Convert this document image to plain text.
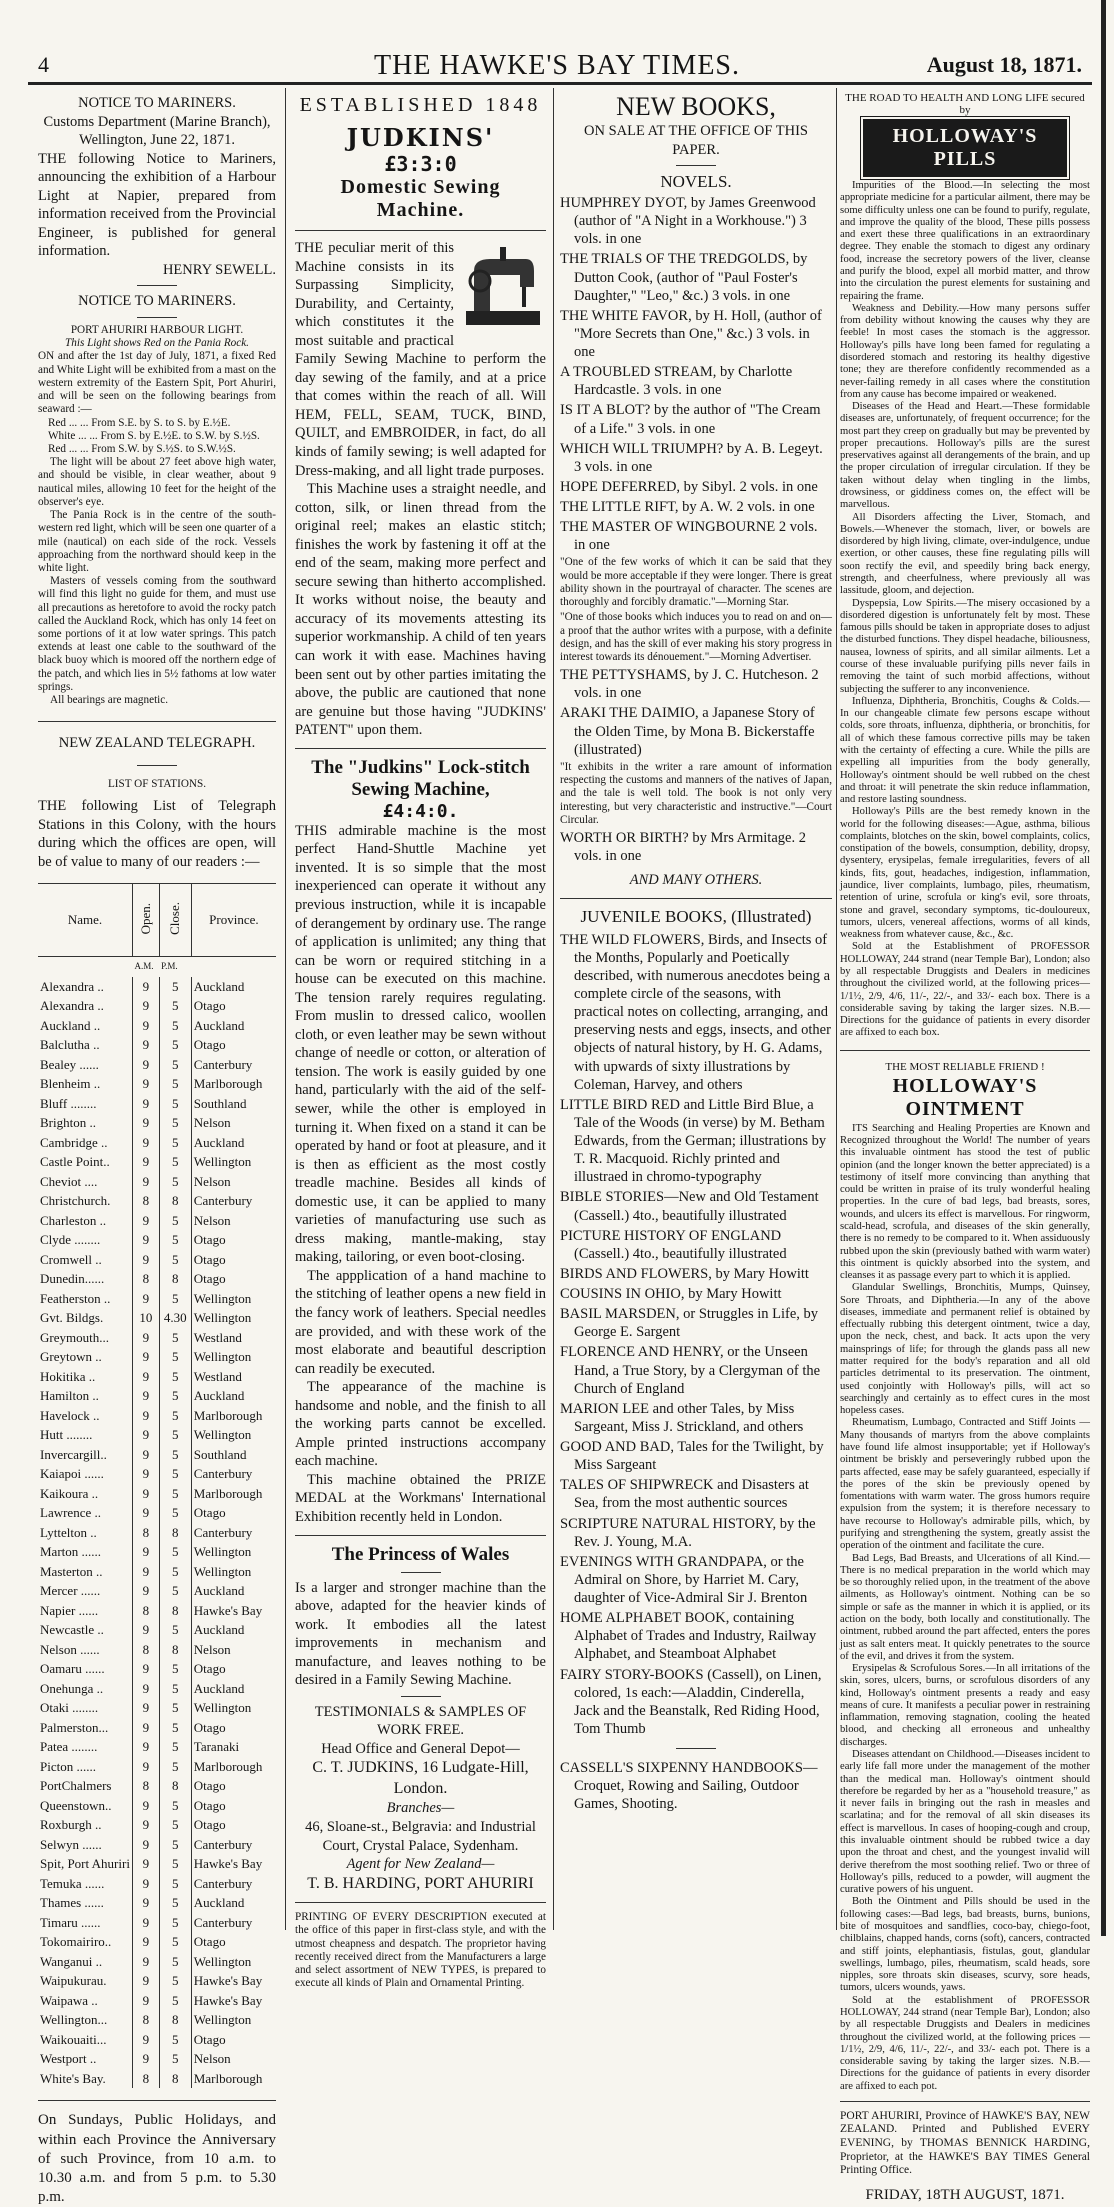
4	THE HAWKE'S BAY TIMES.	August 18, 1871.
NOTICE TO MARINERS.
Customs Department (Marine Branch),
Wellington, June 22, 1871.

THE following Notice to Mariners, announcing the exhibition of a Harbour Light at Napier, prepared from information received from the Provincial Engineer, is published for general information.

HENRY SEWELL.
NOTICE TO MARINERS.
PORT AHURIRI HARBOUR LIGHT.
This Light shows Red on the Pania Rock.

ON and after the 1st day of July, 1871, a fixed Red and White Light will be exhibited from a mast on the western extremity of the Eastern Spit, Port Ahuriri, and will be seen on the following bearings from seaward :—

Red ... ... From S.E. by S. to S. by E.½E.
White ... ... From S. by E.½E. to S.W. by S.½S.
Red ... ... From S.W. by S.½S. to S.W.½S.

The light will be about 27 feet above high water, and should be visible, in clear weather, about 9 nautical miles, allowing 10 feet for the height of the observer's eye.

The Pania Rock is in the centre of the south-western red light, which will be seen one quarter of a mile (nautical) on each side of the rock. Vessels approaching from the northward should keep in the white light.

Masters of vessels coming from the southward will find this light no guide for them, and must use all precautions as heretofore to avoid the rocky patch called the Auckland Rock, which has only 14 feet on some portions of it at low water springs. This patch extends at least one cable to the southward of the black buoy which is moored off the northern edge of the patch, and which lies in 5½ fathoms at low water springs.

All bearings are magnetic.

NEW ZEALAND TELEGRAPH.
LIST OF STATIONS.

THE following List of Telegraph Stations in this Colony, with the hours during which the offices are open, will be of value to many of our readers :—

Name.	Open.	Close.	Province.
	A.M.	P.M.	
Alexandra ..	9	5	Auckland
Alexandra ..	9	5	Otago
Auckland ..	9	5	Auckland
Balclutha ..	9	5	Otago
Bealey ......	9	5	Canterbury
Blenheim ..	9	5	Marlborough
Bluff ........	9	5	Southland
Brighton ..	9	5	Nelson
Cambridge ..	9	5	Auckland
Castle Point..	9	5	Wellington
Cheviot ....	9	5	Nelson
Christchurch.	8	8	Canterbury
Charleston ..	9	5	Nelson
Clyde ........	9	5	Otago
Cromwell ..	9	5	Otago
Dunedin......	8	8	Otago
Featherston ..	9	5	Wellington
Gvt. Bildgs.	10	4.30	Wellington
Greymouth...	9	5	Westland
Greytown ..	9	5	Wellington
Hokitika ..	9	5	Westland
Hamilton ..	9	5	Auckland
Havelock ..	9	5	Marlborough
Hutt ........	9	5	Wellington
Invercargill..	9	5	Southland
Kaiapoi ......	9	5	Canterbury
Kaikoura ..	9	5	Marlborough
Lawrence ..	9	5	Otago
Lyttelton ..	8	8	Canterbury
Marton ......	9	5	Wellington
Masterton ..	9	5	Wellington
Mercer ......	9	5	Auckland
Napier ......	8	8	Hawke's Bay
Newcastle ..	9	5	Auckland
Nelson ......	8	8	Nelson
Oamaru ......	9	5	Otago
Onehunga ..	9	5	Auckland
Otaki ........	9	5	Wellington
Palmerston...	9	5	Otago
Patea ........	9	5	Taranaki
Picton ......	9	5	Marlborough
PortChalmers	8	8	Otago
Queenstown..	9	5	Otago
Roxburgh ..	9	5	Otago
Selwyn ......	9	5	Canterbury
Spit, Port Ahuriri	9	5	Hawke's Bay
Temuka ......	9	5	Canterbury
Thames ......	9	5	Auckland
Timaru ......	9	5	Canterbury
Tokomairiro..	9	5	Otago
Wanganui ..	9	5	Wellington
Waipukurau.	9	5	Hawke's Bay
Waipawa ..	9	5	Hawke's Bay
Wellington...	8	8	Wellington
Waikouaiti...	9	5	Otago
Westport ..	9	5	Nelson
White's Bay.	8	8	Marlborough

On Sundays, Public Holidays, and within each Province the Anniversary of such Province, from 10 a.m. to 10.30 a.m. and from 5 p.m. to 5.30 p.m.

ESTABLISHED 1848
JUDKINS'
£3:3:0
Domestic Sewing Machine.

THE peculiar merit of this Machine consists in its Surpassing Simplicity, Durability, and Certainty, which constitutes it the most suitable and practical Family Sewing Machine to perform the day sewing of the family, and at a price that comes within the reach of all. Will HEM, FELL, SEAM, TUCK, BIND, QUILT, and EMBROIDER, in fact, do all kinds of family sewing; is well adapted for Dress-making, and all light trade purposes.

This Machine uses a straight needle, and cotton, silk, or linen thread from the original reel; makes an elastic stitch; finishes the work by fastening it off at the end of the seam, making more perfect and secure sewing than hitherto accomplished. It works without noise, the beauty and accuracy of its movements attesting its superior workmanship. A child of ten years can work it with ease. Machines having been sent out by other parties imitating the above, the public are cautioned that none are genuine but those having "JUDKINS' PATENT" upon them.

The "Judkins" Lock-stitch Sewing Machine,
£4:4:0.

THIS admirable machine is the most perfect Hand-Shuttle Machine yet invented. It is so simple that the most inexperienced can operate it without any previous instruction, while it is incapable of derangement by ordinary use. The range of application is unlimited; any thing that can be worn or required stitching in a house can be executed on this machine. The tension rarely requires regulating. From muslin to dressed calico, woollen cloth, or even leather may be sewn without change of needle or cotton, or alteration of tension. The work is easily guided by one hand, particularly with the aid of the self-sewer, while the other is employed in turning it. When fixed on a stand it can be operated by hand or foot at pleasure, and it is then as efficient as the most costly treadle machine. Besides all kinds of domestic use, it can be applied to many varieties of manufacturing use such as dress making, mantle-making, stay making, tailoring, or even boot-closing.

The appplication of a hand machine to the stitching of leather opens a new field in the fancy work of leathers. Special needles are provided, and with these work of the most elaborate and beautiful description can readily be executed.

The appearance of the machine is handsome and noble, and the finish to all the working parts cannot be excelled. Ample printed instructions accompany each machine.

This machine obtained the PRIZE MEDAL at the Workmans' International Exhibition recently held in London.

The Princess of Wales

Is a larger and stronger machine than the above, adapted for the heavier kinds of work. It embodies all the latest improvements in mechanism and manufacture, and leaves nothing to be desired in a Family Sewing Machine.

TESTIMONIALS & SAMPLES OF WORK FREE.
Head Office and General Depot—
C. T. JUDKINS, 16 Ludgate-Hill, London.
Branches—
46, Sloane-st., Belgravia: and Industrial Court, Crystal Palace, Sydenham.
Agent for New Zealand—
T. B. HARDING, PORT AHURIRI

PRINTING OF EVERY DESCRIPTION executed at the office of this paper in first-class style, and with the utmost cheapness and despatch. The proprietor having recently received direct from the Manufacturers a large and select assortment of NEW TYPES, is prepared to execute all kinds of Plain and Ornamental Printing.

NEW BOOKS,
ON SALE AT THE OFFICE OF THIS PAPER.
NOVELS.

HUMPHREY DYOT, by James Greenwood (author of "A Night in a Workhouse.") 3 vols. in one

THE TRIALS OF THE TREDGOLDS, by Dutton Cook, (author of "Paul Foster's Daughter," "Leo," &c.) 3 vols. in one

THE WHITE FAVOR, by H. Holl, (author of "More Secrets than One," &c.) 3 vols. in one

A TROUBLED STREAM, by Charlotte Hardcastle. 3 vols. in one

IS IT A BLOT? by the author of "The Cream of a Life." 3 vols. in one

WHICH WILL TRIUMPH? by A. B. Legeyt. 3 vols. in one

HOPE DEFERRED, by Sibyl. 2 vols. in one

THE LITTLE RIFT, by A. W. 2 vols. in one

THE MASTER OF WINGBOURNE 2 vols. in one

"One of the few works of which it can be said that they would be more acceptable if they were longer. There is great ability shown in the pourtrayal of character. The scenes are thoroughly and forcibly dramatic."—Morning Star.

"One of those books which induces you to read on and on—a proof that the author writes with a purpose, with a definite design, and has the skill of ever making his story progress in interest towards its dénouement."—Morning Advertiser.

THE PETTYSHAMS, by J. C. Hutcheson. 2 vols. in one

ARAKI THE DAIMIO, a Japanese Story of the Olden Time, by Mona B. Bickerstaffe (illustrated)

"It exhibits in the writer a rare amount of information respecting the customs and manners of the natives of Japan, and the tale is well told. The book is not only very interesting, but very characteristic and instructive."—Court Circular.

WORTH OR BIRTH? by Mrs Armitage. 2 vols. in one

AND MANY OTHERS.
JUVENILE BOOKS, (Illustrated)

THE WILD FLOWERS, Birds, and Insects of the Months, Popularly and Poetically described, with numerous anecdotes being a complete circle of the seasons, with practical notes on collecting, arranging, and preserving nests and eggs, insects, and other objects of natural history, by H. G. Adams, with upwards of sixty illustrations by Coleman, Harvey, and others

LITTLE BIRD RED and Little Bird Blue, a Tale of the Woods (in verse) by M. Betham Edwards, from the German; illustrations by T. R. Macquoid. Richly printed and illustraed in chromo-typography

BIBLE STORIES—New and Old Testament (Cassell.) 4to., beautifully illustrated

PICTURE HISTORY OF ENGLAND (Cassell.) 4to., beautifully illustrated

BIRDS AND FLOWERS, by Mary Howitt

COUSINS IN OHIO, by Mary Howitt

BASIL MARSDEN, or Struggles in Life, by George E. Sargent

FLORENCE AND HENRY, or the Unseen Hand, a True Story, by a Clergyman of the Church of England

MARION LEE and other Tales, by Miss Sargeant, Miss J. Strickland, and others

GOOD AND BAD, Tales for the Twilight, by Miss Sargeant

TALES OF SHIPWRECK and Disasters at Sea, from the most authentic sources

SCRIPTURE NATURAL HISTORY, by the Rev. J. Young, M.A.

EVENINGS WITH GRANDPAPA, or the Admiral on Shore, by Harriet M. Cary, daughter of Vice-Admiral Sir J. Brenton

HOME ALPHABET BOOK, containing Alphabet of Trades and Industry, Railway Alphabet, and Steamboat Alphabet

FAIRY STORY-BOOKS (Cassell), on Linen, colored, 1s each:—Aladdin, Cinderella, Jack and the Beanstalk, Red Riding Hood, Tom Thumb

CASSELL'S SIXPENNY HANDBOOKS—Croquet, Rowing and Sailing, Outdoor Games, Shooting.

THE ROAD TO HEALTH AND LONG LIFE secured by
HOLLOWAY'S PILLS

Impurities of the Blood.—In selecting the most appropriate medicine for a particular ailment, there may be some difficulty unless one can be found to purify, regulate, and improve the quality of the blood, These pills possess and exert these three qualifications in an extraordinary degree. They enable the stomach to digest any ordinary food, increase the secretory powers of the liver, cleanse and purify the blood, expel all morbid matter, and throw into the circulation the purest elements for sustaining and repairing the frame.

Weakness and Debility.—How many persons suffer from debility without knowing the causes why they are feeble! In most cases the stomach is the aggressor. Holloway's pills have long been famed for regulating a disordered stomach and restoring its healthy digestive tone; they are therefore confidently recommended as a never-failing remedy in all cases where the constitution from any cause has become impaired or weakened.

Diseases of the Head and Heart.—These formidable diseases are, unfortunately, of frequent occurrence; for the most part they creep on gradually but may be prevented by proper precautions. Holloway's pills are the surest preservatives against all derangements of the brain, and up the proper circulation of irregular circulation. If they be taken without delay when tingling in the limbs, drowsiness, or giddiness comes on, the effect will be marvellous.

All Disorders affecting the Liver, Stomach, and Bowels.—Whenever the stomach, liver, or bowels are disordered by high living, climate, over-indulgence, undue exertion, or other causes, these fine regulating pills will soon rectify the evil, and speedily bring back energy, strength, and cheerfulness, where previously all was lassitude, gloom, and dejection.

Dyspepsia, Low Spirits.—The misery occasioned by a disordered digestion is unfortunately felt by most. These famous pills should be taken in appropriate doses to adjust the disturbed functions. They dispel headache, biliousness, nausea, lowness of spirits, and all similar ailments. Let a course of these invaluable purifying pills never fails in removing the taint of such morbid affections, without subjecting the sufferer to any inconvenience.

Influenza, Diphtheria, Bronchitis, Coughs & Colds.—In our changeable climate few persons escape without colds, sore throats, influenza, diphtheria, or bronchitis, for all of which these famous corrective pills may be taken with the certainty of effecting a cure. While the pills are expelling all impurities from the body generally, Holloway's ointment should be well rubbed on the chest and throat: it will penetrate the skin reduce inflammation, and restore lasting soundness.

Holloway's Pills are the best remedy known in the world for the following diseases:—Ague, asthma, bilious complaints, blotches on the skin, bowel complaints, colics, constipation of the bowels, consumption, debility, dropsy, dysentery, erysipelas, female irregularities, fevers of all kinds, fits, gout, headaches, indigestion, inflammation, jaundice, liver complaints, lumbago, piles, rheumatism, retention of urine, scrofula or king's evil, sore throats, stone and gravel, secondary symptoms, tic-douloureux, tumors, ulcers, venereal affections, worms of all kinds, weakness from whatever cause, &c., &c.

Sold at the Establishment of PROFESSOR HOLLOWAY, 244 strand (near Temple Bar), London; also by all respectable Druggists and Dealers in medicines throughout the civilized world, at the following prices—1/1½, 2/9, 4/6, 11/-, 22/-, and 33/- each box. There is a considerable saving by taking the larger sizes. N.B.—Directions for the guidance of patients in every disorder are affixed to each box.

THE MOST RELIABLE FRIEND !
HOLLOWAY'S OINTMENT

ITS Searching and Healing Properties are Known and Recognized throughout the World! The number of years this invaluable ointment has stood the test of public opinion (and the longer known the better appreciated) is a testimony of itself more convincing than anything that could be written in praise of its truly wonderful healing properties. In the cure of bad legs, bad breasts, sores, wounds, and ulcers its effect is marvellous. For ringworm, scald-head, scrofula, and diseases of the skin generally, there is no remedy to be compared to it. When assiduously rubbed upon the skin (previously bathed with warm water) this ointment is quickly absorbed into the system, and cleanses it as passage every part to which it is applied.

Glandular Swellings, Bronchitis, Mumps, Quinsey, Sore Throats, and Diphtheria.—In any of the above diseases, immediate and permanent relief is obtained by effectually rubbing this detergent ointment, twice a day, upon the neck, chest, and back. It acts upon the very mainsprings of life; for through the glands pass all new matter required for the body's reparation and all old particles detrimental to its preservation. The ointment, used conjointly with Holloway's pills, will act so searchingly and certainly as to effect cures in the most hopeless cases.

Rheumatism, Lumbago, Contracted and Stiff Joints —Many thousands of martyrs from the above complaints have found life almost insupportable; yet if Holloway's ointment be briskly and perseveringly rubbed upon the parts affected, ease may be safely guaranteed, especially if the pores of the skin be previously opened by fomentations with warm water. The gross humors require expulsion from the system; it is therefore necessary to have recourse to Holloway's admirable pills, which, by purifying and strengthening the system, greatly assist the operation of the ointment and facilitate the cure.

Bad Legs, Bad Breasts, and Ulcerations of all Kind.—There is no medical preparation in the world which may be so thoroughly relied upon, in the treatment of the above ailments, as Holloway's ointment. Nothing can be so simple or safe as the manner in which it is applied, or its action on the body, both locally and constitutionally. The ointment, rubbed around the part affected, enters the pores just as salt enters meat. It quickly penetrates to the source of the evil, and drives it from the system.

Erysipelas & Scrofulous Sores.—In all irritations of the skin, sores, ulcers, burns, or scrofulous disorders of any kind, Holloway's ointment presents a ready and easy means of cure. It manifests a peculiar power in restraining inflammation, removing stagnation, cooling the heated blood, and checking all erroneous and unhealthy discharges.

Diseases attendant on Childhood.—Diseases incident to early life fall more under the management of the mother than the medical man. Holloway's ointment should therefore be regarded by her as a "household treasure," as it never fails in bringing out the rash in measles and scarlatina; and for the removal of all skin diseases its effect is marvellous. In cases of hooping-cough and croup, this invaluable ointment should be rubbed twice a day upon the throat and chest, and the youngest invalid will derive therefrom the most soothing relief. Two or three of Holloway's pills, reduced to a powder, will augment the curative powers of his unguent.

Both the Ointment and Pills should be used in the following cases:—Bad legs, bad breasts, burns, bunions, bite of mosquitoes and sandflies, coco-bay, chiego-foot, chilblains, chapped hands, corns (soft), cancers, contracted and stiff joints, elephantiasis, fistulas, gout, glandular swellings, lumbago, piles, rheumatism, scald heads, sore nipples, sore throats skin diseases, scurvy, sore heads, tumors, ulcers wounds, yaws.

Sold at the establishment of PROFESSOR HOLLOWAY, 244 strand (near Temple Bar), London; also by all respectable Druggists and Dealers in medicines throughout the civilized world, at the following prices —1/1½, 2/9, 4/6, 11/-, 22/-, and 33/- each pot. There is a considerable saving by taking the larger sizes. N.B.—Directions for the guidance of patients in every disorder are affixed to each pot.

PORT AHURIRI, Province of HAWKE'S BAY, NEW ZEALAND. Printed and Published EVERY EVENING, by THOMAS BENNICK HARDING, Proprietor, at the HAWKE'S BAY TIMES General Printing Office.

FRIDAY, 18TH AUGUST, 1871.
